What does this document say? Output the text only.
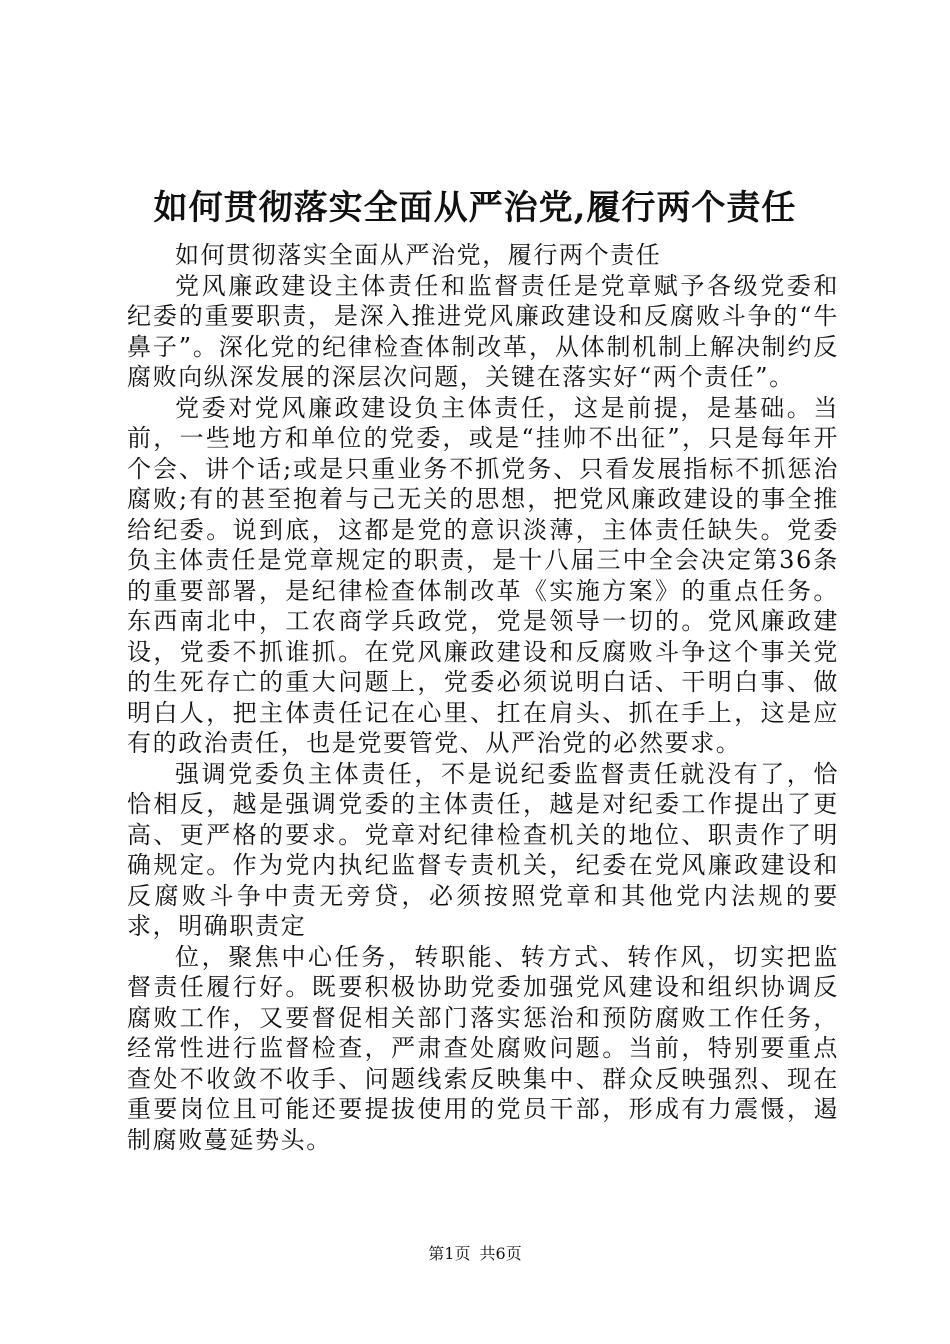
如何贯彻落实全面从严治党,履行两个责任

如何贯彻落实全面从严治党，履行两个责任

党风廉政建设主体责任和监督责任是党章赋予各级党委和纪委的重要职责，是深入推进党风廉政建设和反腐败斗争的“牛鼻子”。深化党的纪律检查体制改革，从体制机制上解决制约反腐败向纵深发展的深层次问题，关键在落实好“两个责任”。

党委对党风廉政建设负主体责任，这是前提，是基础。当前，一些地方和单位的党委，或是“挂帅不出征”，只是每年开个会、讲个话;或是只重业务不抓党务、只看发展指标不抓惩治腐败;有的甚至抱着与己无关的思想，把党风廉政建设的事全推给纪委。说到底，这都是党的意识淡薄，主体责任缺失。党委负主体责任是党章规定的职责，是十八届三中全会决定第36条的重要部署，是纪律检查体制改革《实施方案》的重点任务。东西南北中，工农商学兵政党，党是领导一切的。党风廉政建设，党委不抓谁抓。在党风廉政建设和反腐败斗争这个事关党的生死存亡的重大问题上，党委必须说明白话、干明白事、做明白人，把主体责任记在心里、扛在肩头、抓在手上，这是应有的政治责任，也是党要管党、从严治党的必然要求。

强调党委负主体责任，不是说纪委监督责任就没有了，恰恰相反，越是强调党委的主体责任，越是对纪委工作提出了更高、更严格的要求。党章对纪律检查机关的地位、职责作了明确规定。作为党内执纪监督专责机关，纪委在党风廉政建设和反腐败斗争中责无旁贷，必须按照党章和其他党内法规的要求，明确职责定

位，聚焦中心任务，转职能、转方式、转作风，切实把监督责任履行好。既要积极协助党委加强党风建设和组织协调反腐败工作，又要督促相关部门落实惩治和预防腐败工作任务，经常性进行监督检查，严肃查处腐败问题。当前，特别要重点查处不收敛不收手、问题线索反映集中、群众反映强烈、现在重要岗位且可能还要提拔使用的党员干部，形成有力震慑，遏制腐败蔓延势头。

第1页 共6页
